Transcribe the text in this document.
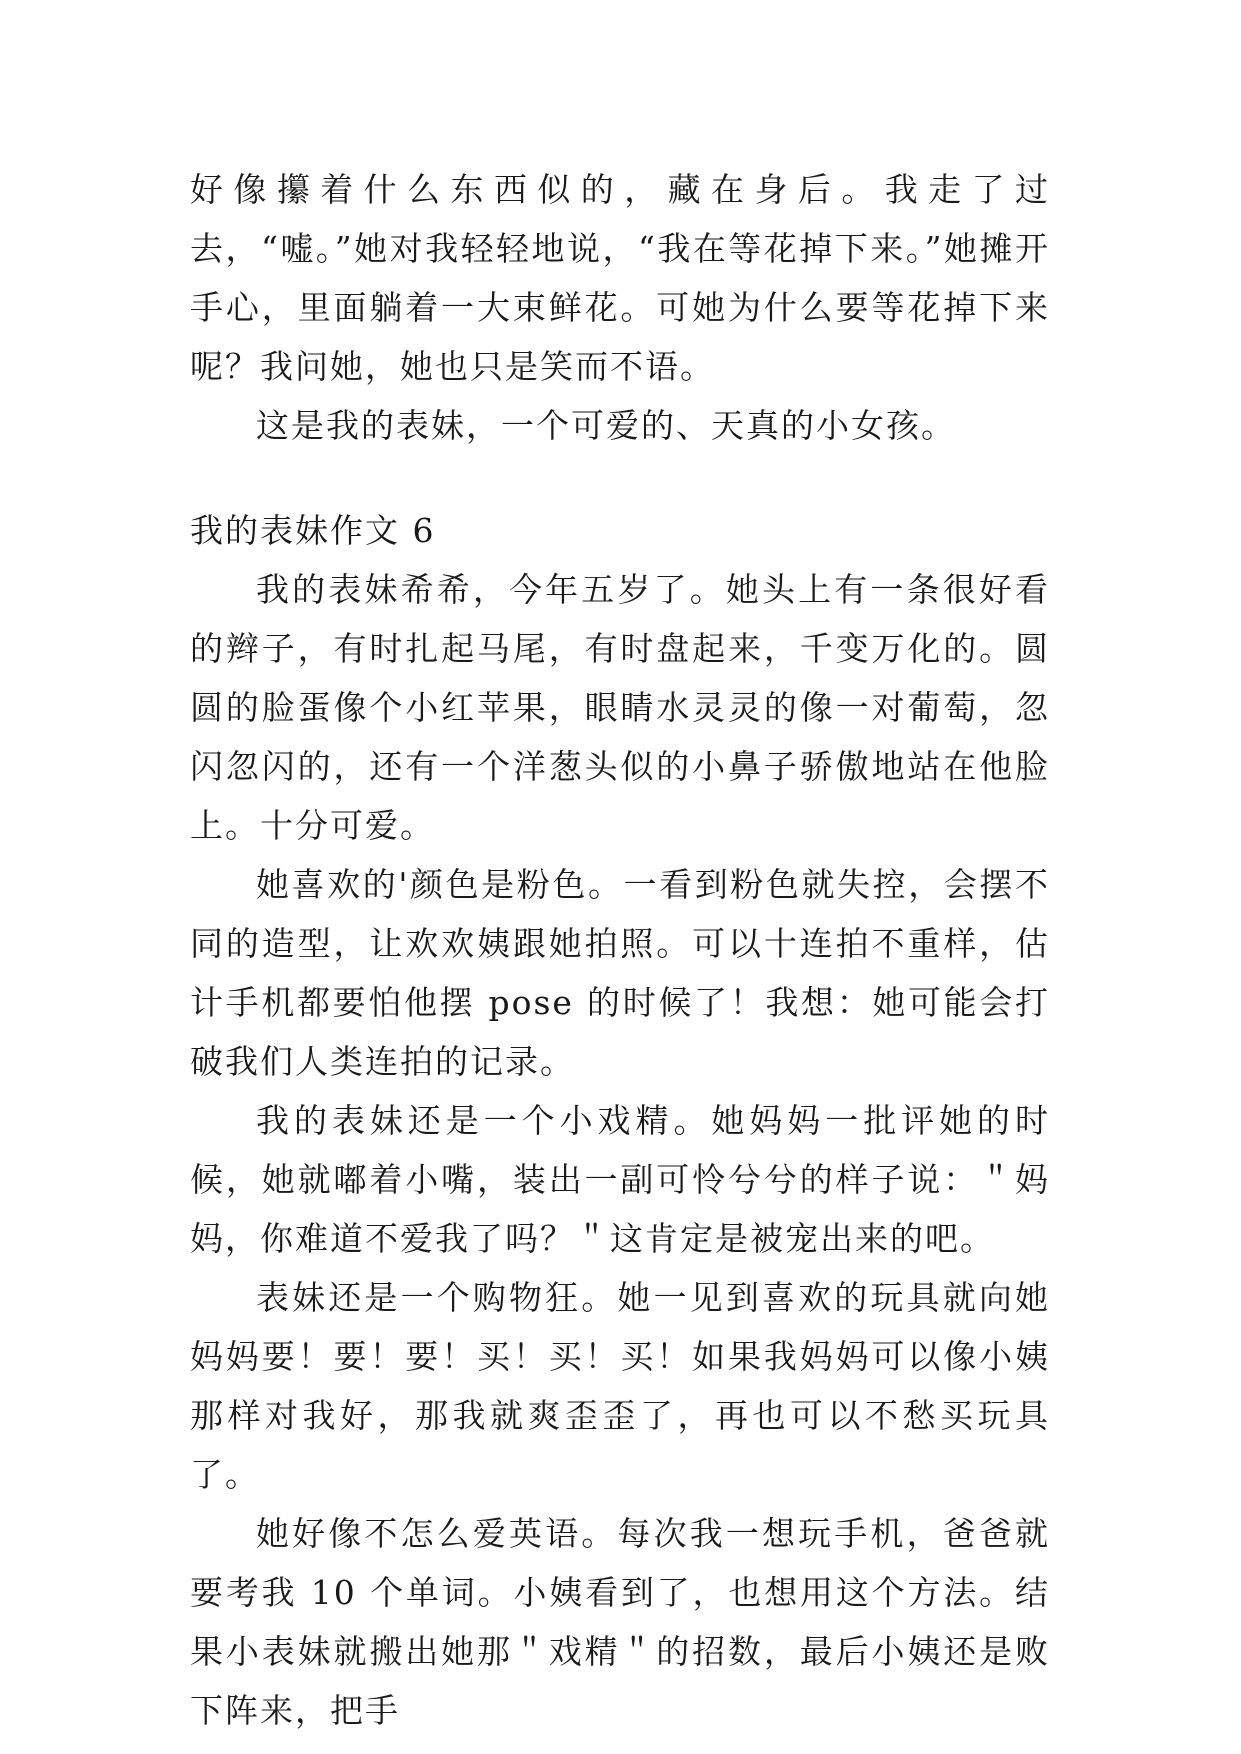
好像攥着什么东西似的，藏在身后。我走了过去，“嘘。”她对我轻轻地说，“我在等花掉下来。”她摊开手心，里面躺着一大束鲜花。可她为什么要等花掉下来呢？我问她，她也只是笑而不语。

这是我的表妹，一个可爱的、天真的小女孩。

我的表妹作文 6

我的表妹希希，今年五岁了。她头上有一条很好看的辫子，有时扎起马尾，有时盘起来，千变万化的。圆圆的脸蛋像个小红苹果，眼睛水灵灵的像一对葡萄，忽闪忽闪的，还有一个洋葱头似的小鼻子骄傲地站在他脸上。十分可爱。

她喜欢的'颜色是粉色。一看到粉色就失控，会摆不同的造型，让欢欢姨跟她拍照。可以十连拍不重样，估计手机都要怕他摆 pose 的时候了！我想：她可能会打破我们人类连拍的记录。

我的表妹还是一个小戏精。她妈妈一批评她的时候，她就嘟着小嘴，装出一副可怜兮兮的样子说：＂妈妈，你难道不爱我了吗？＂这肯定是被宠出来的吧。

表妹还是一个购物狂。她一见到喜欢的玩具就向她妈妈要！要！要！买！买！买！如果我妈妈可以像小姨那样对我好，那我就爽歪歪了，再也可以不愁买玩具了。

她好像不怎么爱英语。每次我一想玩手机，爸爸就要考我 10 个单词。小姨看到了，也想用这个方法。结果小表妹就搬出她那＂戏精＂的招数，最后小姨还是败下阵来，把手
